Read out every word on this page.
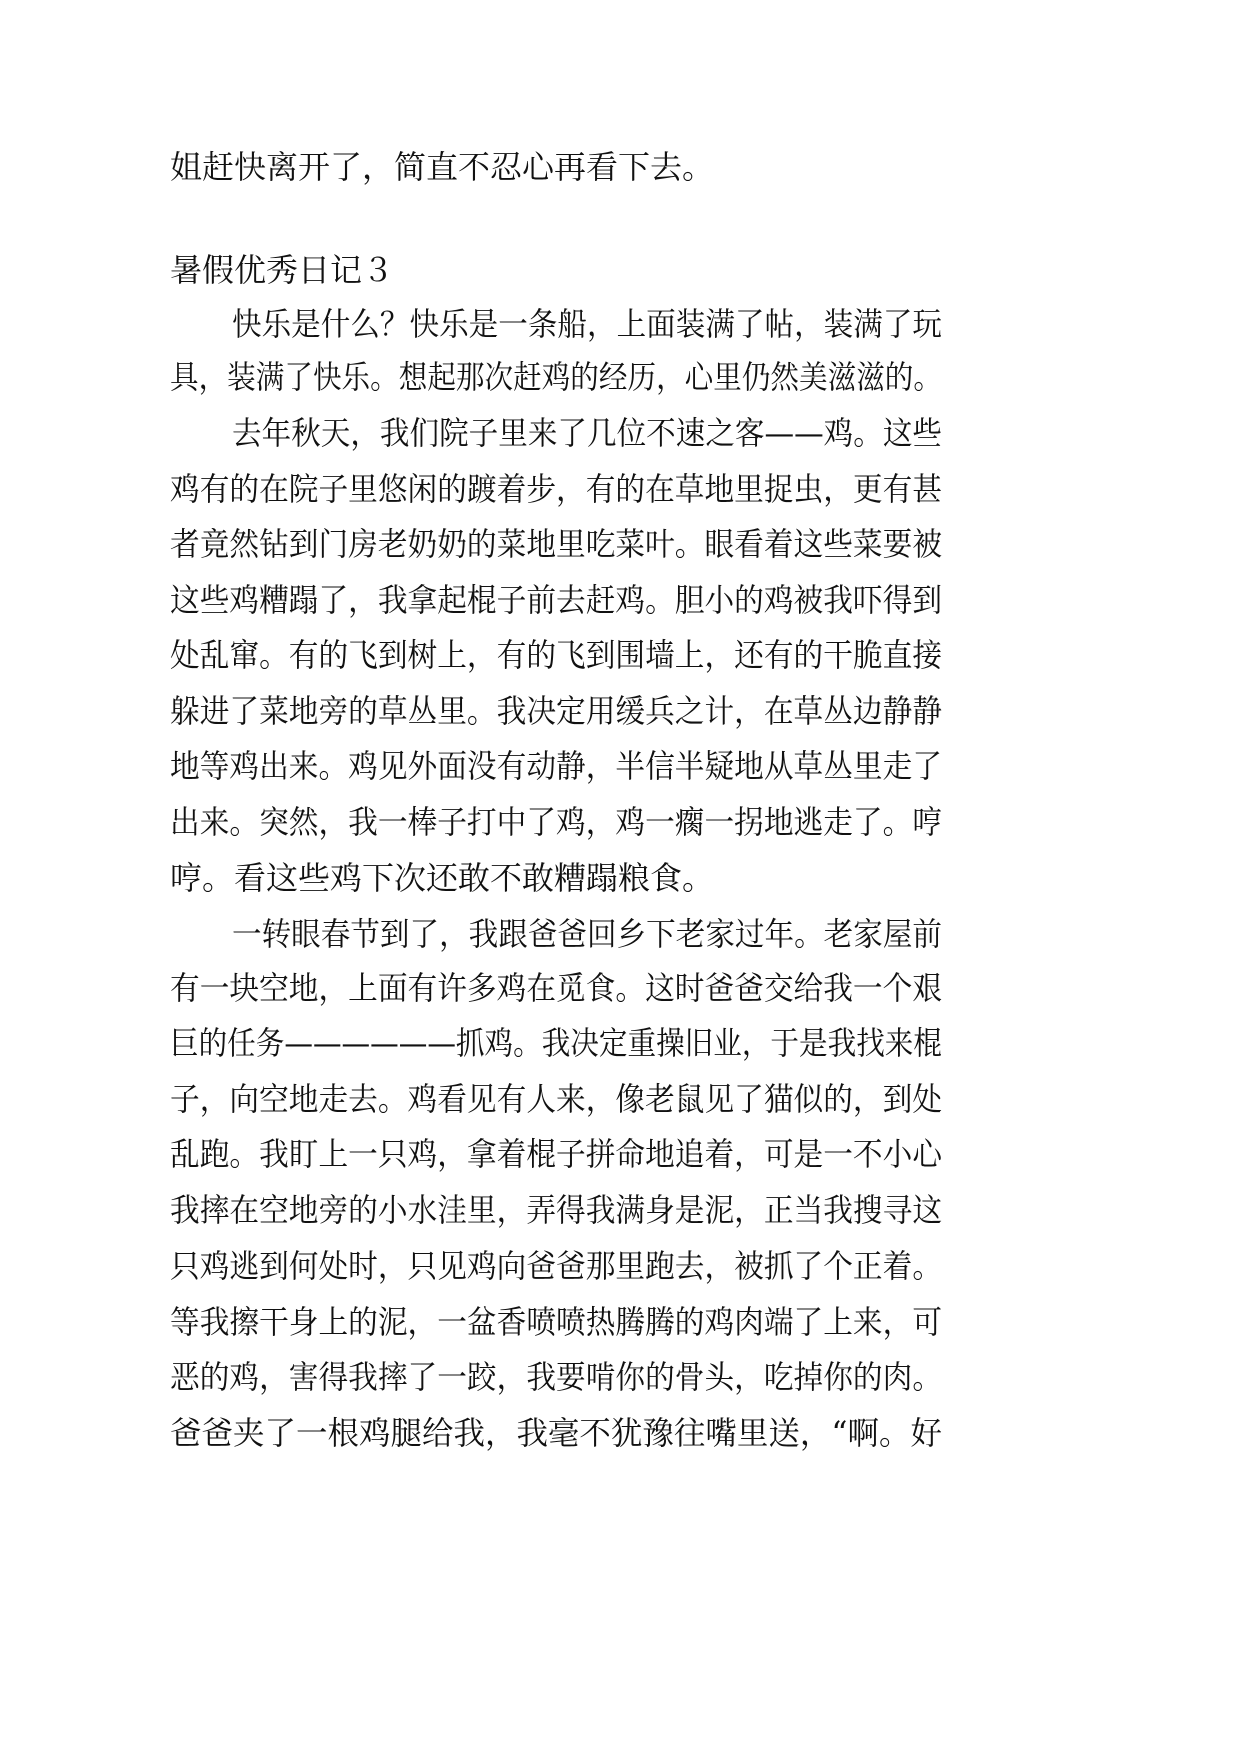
姐赶快离开了，简直不忍心再看下去。
暑假优秀日记３
快乐是什么？快乐是一条船，上面装满了帖，装满了玩
具，装满了快乐。想起那次赶鸡的经历，心里仍然美滋滋的。
去年秋天，我们院子里来了几位不速之客——鸡。这些
鸡有的在院子里悠闲的踱着步，有的在草地里捉虫，更有甚
者竟然钻到门房老奶奶的菜地里吃菜叶。眼看着这些菜要被
这些鸡糟蹋了，我拿起棍子前去赶鸡。胆小的鸡被我吓得到
处乱窜。有的飞到树上，有的飞到围墙上，还有的干脆直接
躲进了菜地旁的草丛里。我决定用缓兵之计，在草丛边静静
地等鸡出来。鸡见外面没有动静，半信半疑地从草丛里走了
出来。突然，我一棒子打中了鸡，鸡一瘸一拐地逃走了。哼
哼。看这些鸡下次还敢不敢糟蹋粮食。
一转眼春节到了，我跟爸爸回乡下老家过年。老家屋前
有一块空地，上面有许多鸡在觅食。这时爸爸交给我一个艰
巨的任务——————抓鸡。我决定重操旧业，于是我找来棍
子，向空地走去。鸡看见有人来，像老鼠见了猫似的，到处
乱跑。我盯上一只鸡，拿着棍子拼命地追着，可是一不小心
我摔在空地旁的小水洼里，弄得我满身是泥，正当我搜寻这
只鸡逃到何处时，只见鸡向爸爸那里跑去，被抓了个正着。
等我擦干身上的泥，一盆香喷喷热腾腾的鸡肉端了上来，可
恶的鸡，害得我摔了一跤，我要啃你的骨头，吃掉你的肉。
爸爸夹了一根鸡腿给我，我毫不犹豫往嘴里送，“啊。好
